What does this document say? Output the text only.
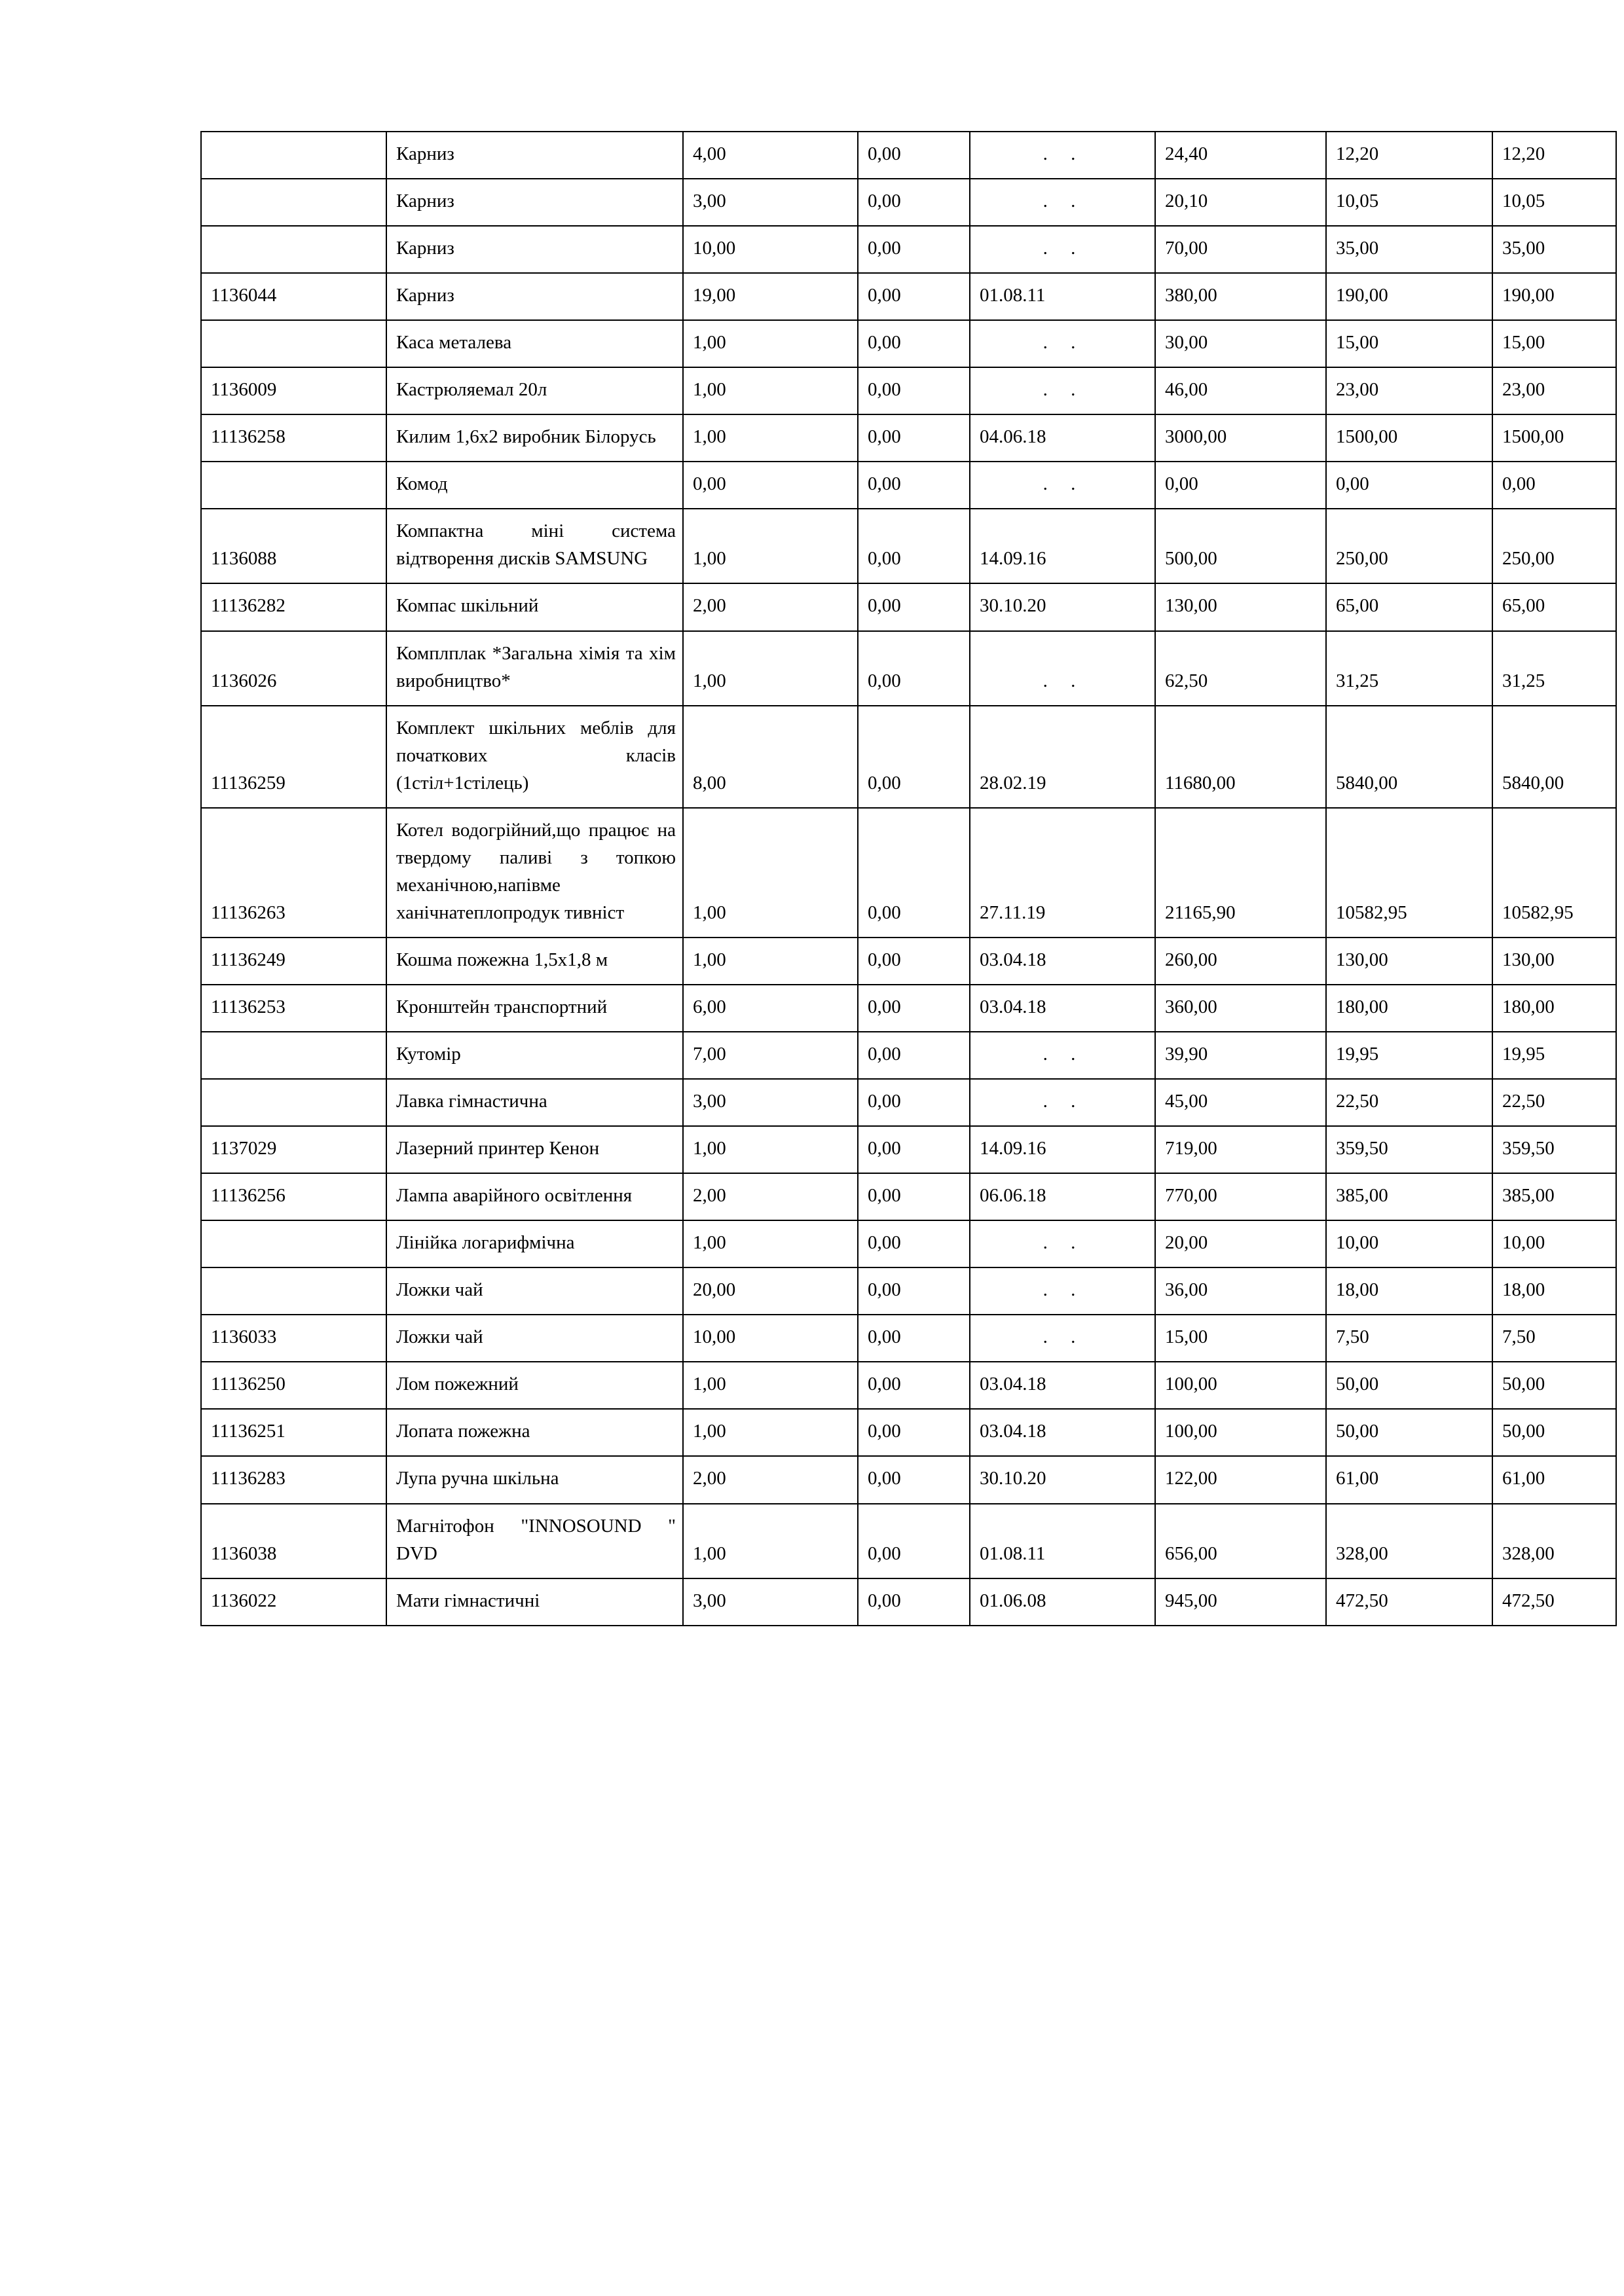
	Карниз	4,00	0,00	. .	24,40	12,20	12,20
	Карниз	3,00	0,00	. .	20,10	10,05	10,05
	Карниз	10,00	0,00	. .	70,00	35,00	35,00
1136044	Карниз	19,00	0,00	01.08.11	380,00	190,00	190,00
	Каса металева	1,00	0,00	. .	30,00	15,00	15,00
1136009	Кастрюляемал 20л	1,00	0,00	. .	46,00	23,00	23,00
11136258	Килим 1,6х2 виробник Білорусь	1,00	0,00	04.06.18	3000,00	1500,00	1500,00
	Комод	0,00	0,00	. .	0,00	0,00	0,00
1136088	Компактна міні система відтворення дисків SAMSUNG	1,00	0,00	14.09.16	500,00	250,00	250,00
11136282	Компас шкільний	2,00	0,00	30.10.20	130,00	65,00	65,00
1136026	Комплплак *Загальна хімія та хім виробництво*	1,00	0,00	. .	62,50	31,25	31,25
11136259	Комплект шкільних меблів для початкових класів (1стіл+1стілець)	8,00	0,00	28.02.19	11680,00	5840,00	5840,00
11136263	Котел водогрійний,що працює на твердому паливі з топкою механічною,напівме ханічнатеплопродук тивніст	1,00	0,00	27.11.19	21165,90	10582,95	10582,95
11136249	Кошма пожежна 1,5х1,8 м	1,00	0,00	03.04.18	260,00	130,00	130,00
11136253	Кронштейн транспортний	6,00	0,00	03.04.18	360,00	180,00	180,00
	Кутомір	7,00	0,00	. .	39,90	19,95	19,95
	Лавка гімнастична	3,00	0,00	. .	45,00	22,50	22,50
1137029	Лазерний принтер Кенон	1,00	0,00	14.09.16	719,00	359,50	359,50
11136256	Лампа аварійного освітлення	2,00	0,00	06.06.18	770,00	385,00	385,00
	Лінійка логарифмічна	1,00	0,00	. .	20,00	10,00	10,00
	Ложки чай	20,00	0,00	. .	36,00	18,00	18,00
1136033	Ложки чай	10,00	0,00	. .	15,00	7,50	7,50
11136250	Лом пожежний	1,00	0,00	03.04.18	100,00	50,00	50,00
11136251	Лопата пожежна	1,00	0,00	03.04.18	100,00	50,00	50,00
11136283	Лупа ручна шкільна	2,00	0,00	30.10.20	122,00	61,00	61,00
1136038	Магнітофон "INNOSOUND " DVD	1,00	0,00	01.08.11	656,00	328,00	328,00
1136022	Мати гімнастичні	3,00	0,00	01.06.08	945,00	472,50	472,50
